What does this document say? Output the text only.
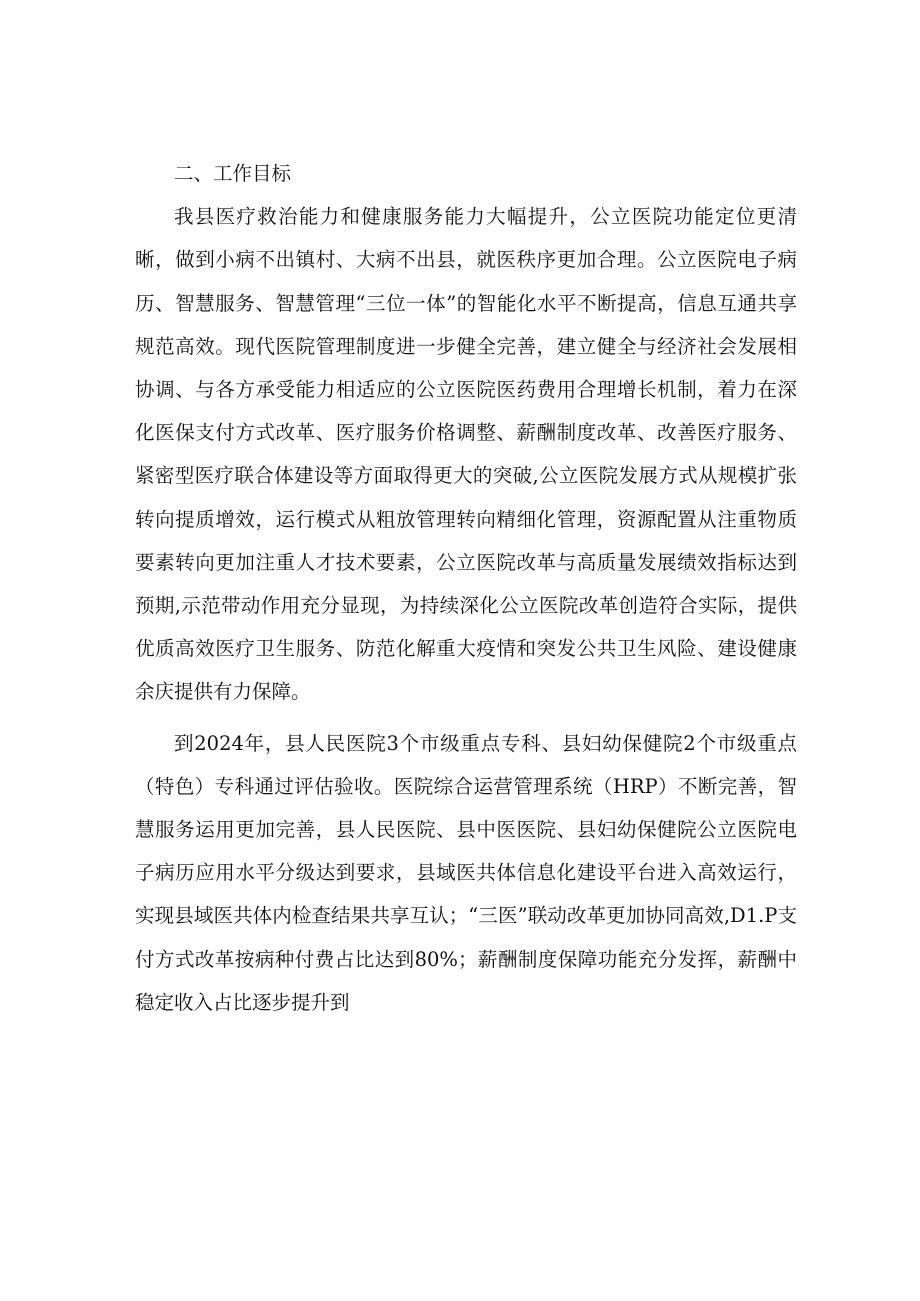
二、工作目标

我县医疗救治能力和健康服务能力大幅提升，公立医院功能定位更清晰，做到小病不出镇村、大病不出县，就医秩序更加合理。公立医院电子病历、智慧服务、智慧管理“三位一体”的智能化水平不断提高，信息互通共享规范高效。现代医院管理制度进一步健全完善，建立健全与经济社会发展相协调、与各方承受能力相适应的公立医院医药费用合理增长机制，着力在深化医保支付方式改革、医疗服务价格调整、薪酬制度改革、改善医疗服务、紧密型医疗联合体建设等方面取得更大的突破,公立医院发展方式从规模扩张转向提质增效，运行模式从粗放管理转向精细化管理，资源配置从注重物质要素转向更加注重人才技术要素，公立医院改革与高质量发展绩效指标达到预期,示范带动作用充分显现，为持续深化公立医院改革创造符合实际，提供优质高效医疗卫生服务、防范化解重大疫情和突发公共卫生风险、建设健康余庆提供有力保障。

到2024年，县人民医院3个市级重点专科、县妇幼保健院2个市级重点（特色）专科通过评估验收。医院综合运营管理系统（HRP）不断完善，智慧服务运用更加完善，县人民医院、县中医医院、县妇幼保健院公立医院电子病历应用水平分级达到要求，县域医共体信息化建设平台进入高效运行，实现县域医共体内检查结果共享互认；“三医”联动改革更加协同高效,D1.P支付方式改革按病种付费占比达到80%；薪酬制度保障功能充分发挥，薪酬中稳定收入占比逐步提升到
